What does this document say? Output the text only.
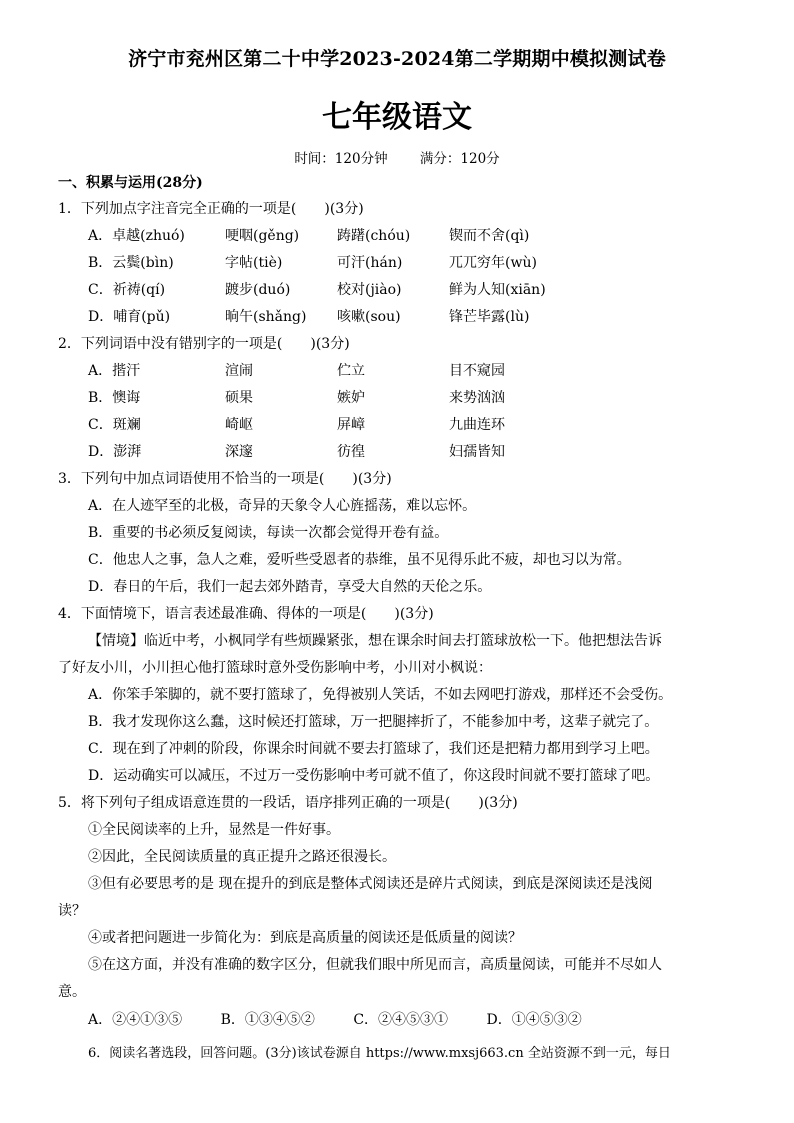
济宁市兖州区第二十中学2023-2024第二学期期中模拟测试卷
七年级语文
时间：120分钟 满分：120分
一、积累与运用(28分)
1．下列加点字注音完全正确的一项是(　　)(3分)
A．卓越(zhuó)	哽咽(gěng)	踌躇(chóu)	锲而不舍(qì)
B．云鬓(bìn)	字帖(tiè)	可汗(hán)	兀兀穷年(wù)
C．祈祷(qí)	踱步(duó)	校对(jiào)	鲜为人知(xiān)
D．哺育(pǔ)	晌午(shǎng) 咳嗽(sou)	锋芒毕露(lù)
2．下列词语中没有错别字的一项是(　　)(3分)
A．揩汗	渲闹	伫立	目不窥园
B．懊诲	硕果	嫉妒	来势汹汹
C．斑斓	崎岖	屏嶂	九曲连环
D．澎湃	深邃	彷徨	妇孺皆知
3．下列句中加点词语使用不恰当的一项是(　　)(3分)
A．在人迹罕至的北极，奇异的天象令人心旌摇荡，难以忘怀。
B．重要的书必须反复阅读，每读一次都会觉得开卷有益。
C．他忠人之事，急人之难，爱听些受恩者的恭维，虽不见得乐此不疲，却也习以为常。
D．春日的午后，我们一起去郊外踏青，享受大自然的天伦之乐。
4．下面情境下，语言表述最准确、得体的一项是(　　)(3分)
【情境】临近中考，小枫同学有些烦躁紧张，想在课余时间去打篮球放松一下。他把想法告诉
了好友小川，小川担心他打篮球时意外受伤影响中考，小川对小枫说：
A．你笨手笨脚的，就不要打篮球了，免得被别人笑话，不如去网吧打游戏，那样还不会受伤。
B．我才发现你这么蠢，这时候还打篮球，万一把腿摔折了，不能参加中考，这辈子就完了。
C．现在到了冲刺的阶段，你课余时间就不要去打篮球了，我们还是把精力都用到学习上吧。
D．运动确实可以减压，不过万一受伤影响中考可就不值了，你这段时间就不要打篮球了吧。
5．将下列句子组成语意连贯的一段话，语序排列正确的一项是(　　)(3分)
①全民阅读率的上升，显然是一件好事。
②因此，全民阅读质量的真正提升之路还很漫长。
③但有必要思考的是 现在提升的到底是整体式阅读还是碎片式阅读，到底是深阅读还是浅阅
读？
④或者把问题进一步简化为：到底是高质量的阅读还是低质量的阅读？
⑤在这方面，并没有准确的数字区分，但就我们眼中所见而言，高质量阅读，可能并不尽如人
意。
A．②④①③⑤	B．①③④⑤②	C．②④⑤③①	D．①④⑤③②
6．阅读名著选段，回答问题。(3分)该试卷源自 https://www.mxsj663.cn 全站资源不到一元，每日
